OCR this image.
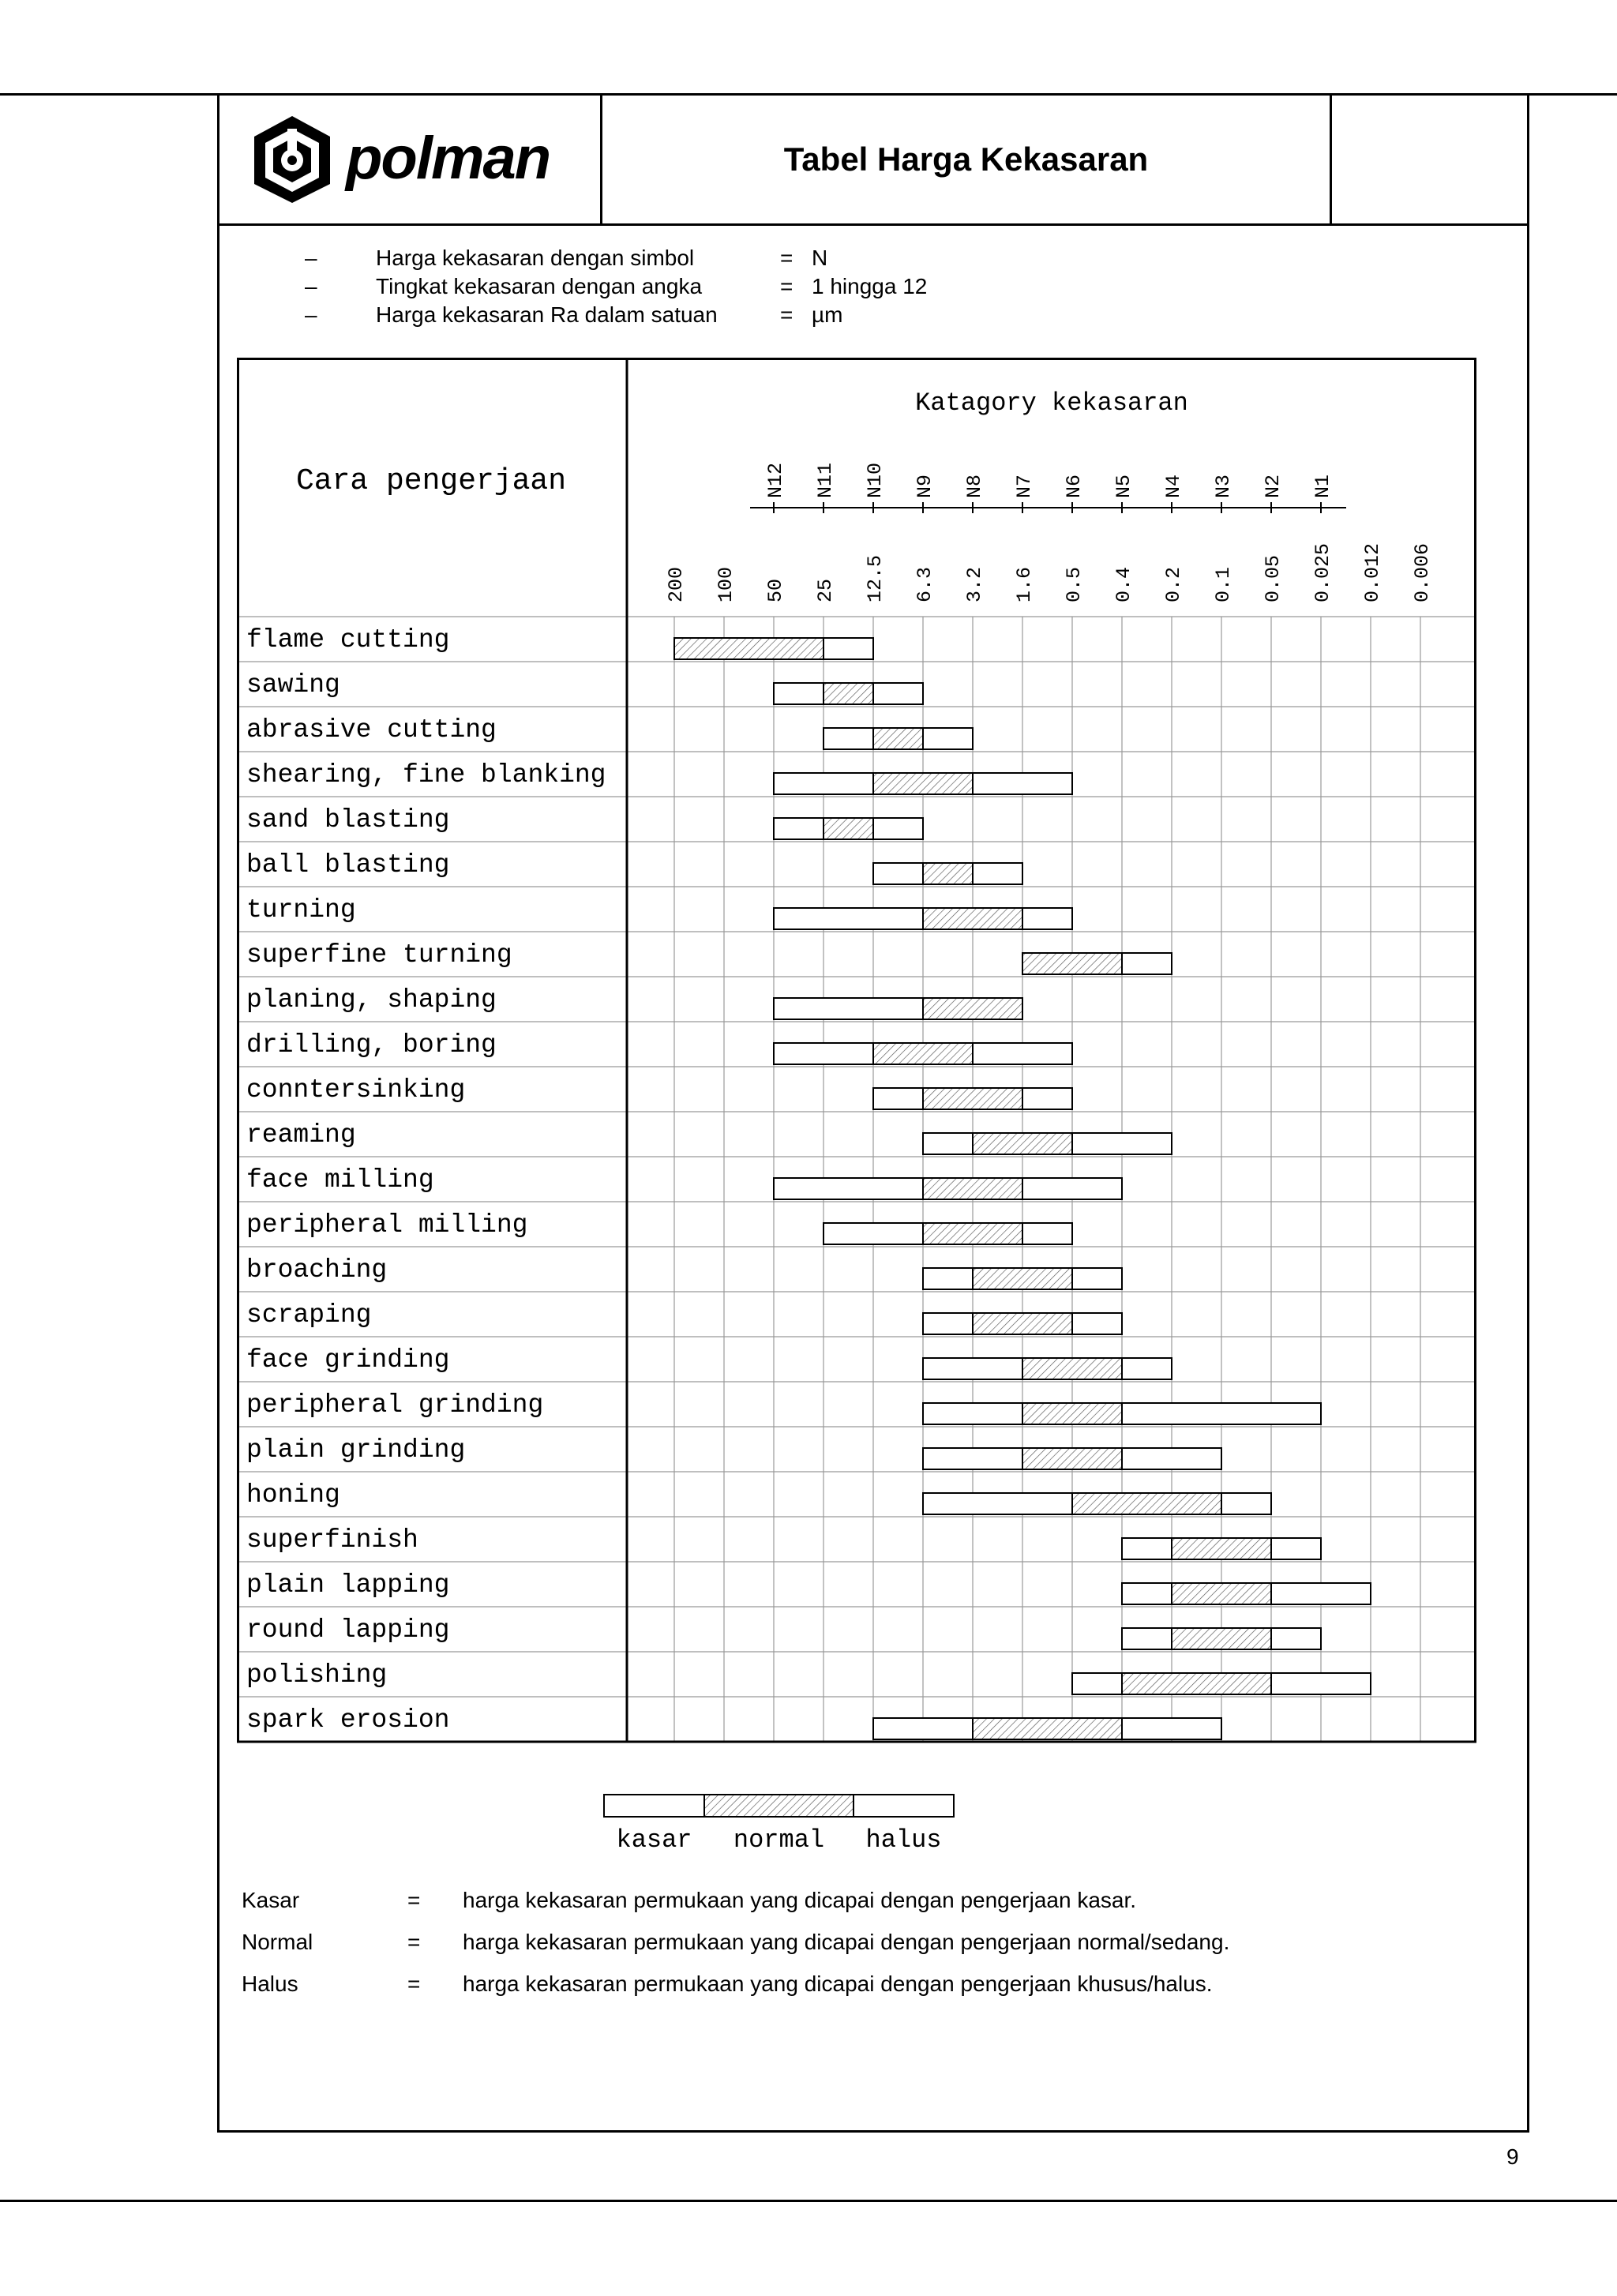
polman	Tabel Harga Kekasaran
–	Harga kekasaran dengan simbol	= N
–	Tingkat kekasaran dengan angka	= 1 hingga 12
–	Harga kekasaran Ra dalam satuan	= µm
Cara pengerjaan
Katagory kekasaran
N12 N11 N10 N9 N8 N7 N6 N5 N4 N3 N2 N1
200 100 50 25 12.5 6.3 3.2 1.6 0.5 0.4 0.2 0.1 0.05 0.025 0.012 0.006
flame cutting
sawing
abrasive cutting
shearing, fine blanking
sand blasting
ball blasting
turning
superfine turning
planing, shaping
drilling, boring
conntersinking
reaming
face milling
peripheral milling
broaching
scraping
face grinding
peripheral grinding
plain grinding
honing
superfinish
plain lapping
round lapping
polishing
spark erosion
kasar normal halus
Kasar	=	harga kekasaran permukaan yang dicapai dengan pengerjaan kasar.
Normal	=	harga kekasaran permukaan yang dicapai dengan pengerjaan normal/sedang.
Halus	=	harga kekasaran permukaan yang dicapai dengan pengerjaan khusus/halus.
9
